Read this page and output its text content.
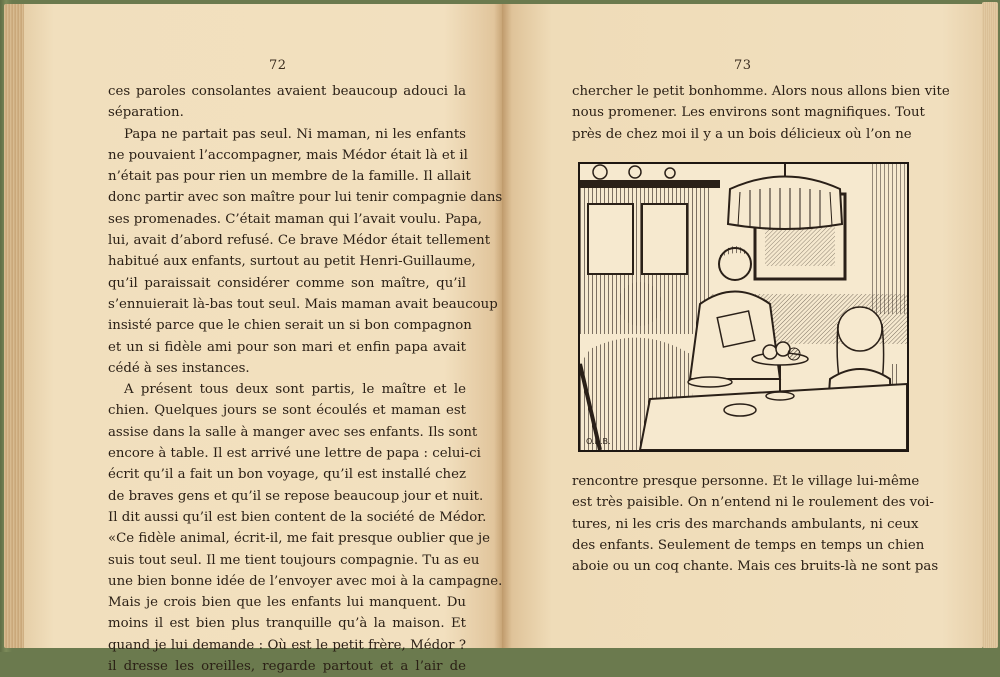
72
ces paroles consolantes avaient beaucoup adouci la
séparation.
Papa ne partait pas seul. Ni maman, ni les enfants
ne pouvaient l’accompagner, mais Médor était là et il
n’était pas pour rien un membre de la famille. Il allait
donc partir avec son maître pour lui tenir compagnie dans
ses promenades. C’était maman qui l’avait voulu. Papa,
lui, avait d’abord refusé. Ce brave Médor était tellement
habitué aux enfants, surtout au petit Henri-Guillaume,
qu’il paraissait considérer comme son maître, qu’il
s’ennuierait là-bas tout seul. Mais maman avait beaucoup
insisté parce que le chien serait un si bon compagnon
et un si fidèle ami pour son mari et enfin papa avait
cédé à ses instances.
A présent tous deux sont partis, le maître et le
chien. Quelques jours se sont écoulés et maman est
assise dans la salle à manger avec ses enfants. Ils sont
encore à table. Il est arrivé une lettre de papa : celui-ci
écrit qu’il a fait un bon voyage, qu’il est installé chez
de braves gens et qu’il se repose beaucoup jour et nuit.
Il dit aussi qu’il est bien content de la société de Médor.
«Ce fidèle animal, écrit-il, me fait presque oublier que je
suis tout seul. Il me tient toujours compagnie. Tu as eu
une bien bonne idée de l’envoyer avec moi à la campagne.
Mais je crois bien que les enfants lui manquent. Du
moins il est bien plus tranquille qu’à la maison. Et
quand je lui demande : Où est le petit frère, Médor ?
il dresse les oreilles, regarde partout et a l’air de
73
chercher le petit bonhomme. Alors nous allons bien vite
nous promener. Les environs sont magnifiques. Tout
près de chez moi il y a un bois délicieux où l’on ne
O.B.B.
rencontre presque personne. Et le village lui-même
est très paisible. On n’entend ni le roulement des voi-
tures, ni les cris des marchands ambulants, ni ceux
des enfants. Seulement de temps en temps un chien
aboie ou un coq chante. Mais ces bruits-là ne sont pas
